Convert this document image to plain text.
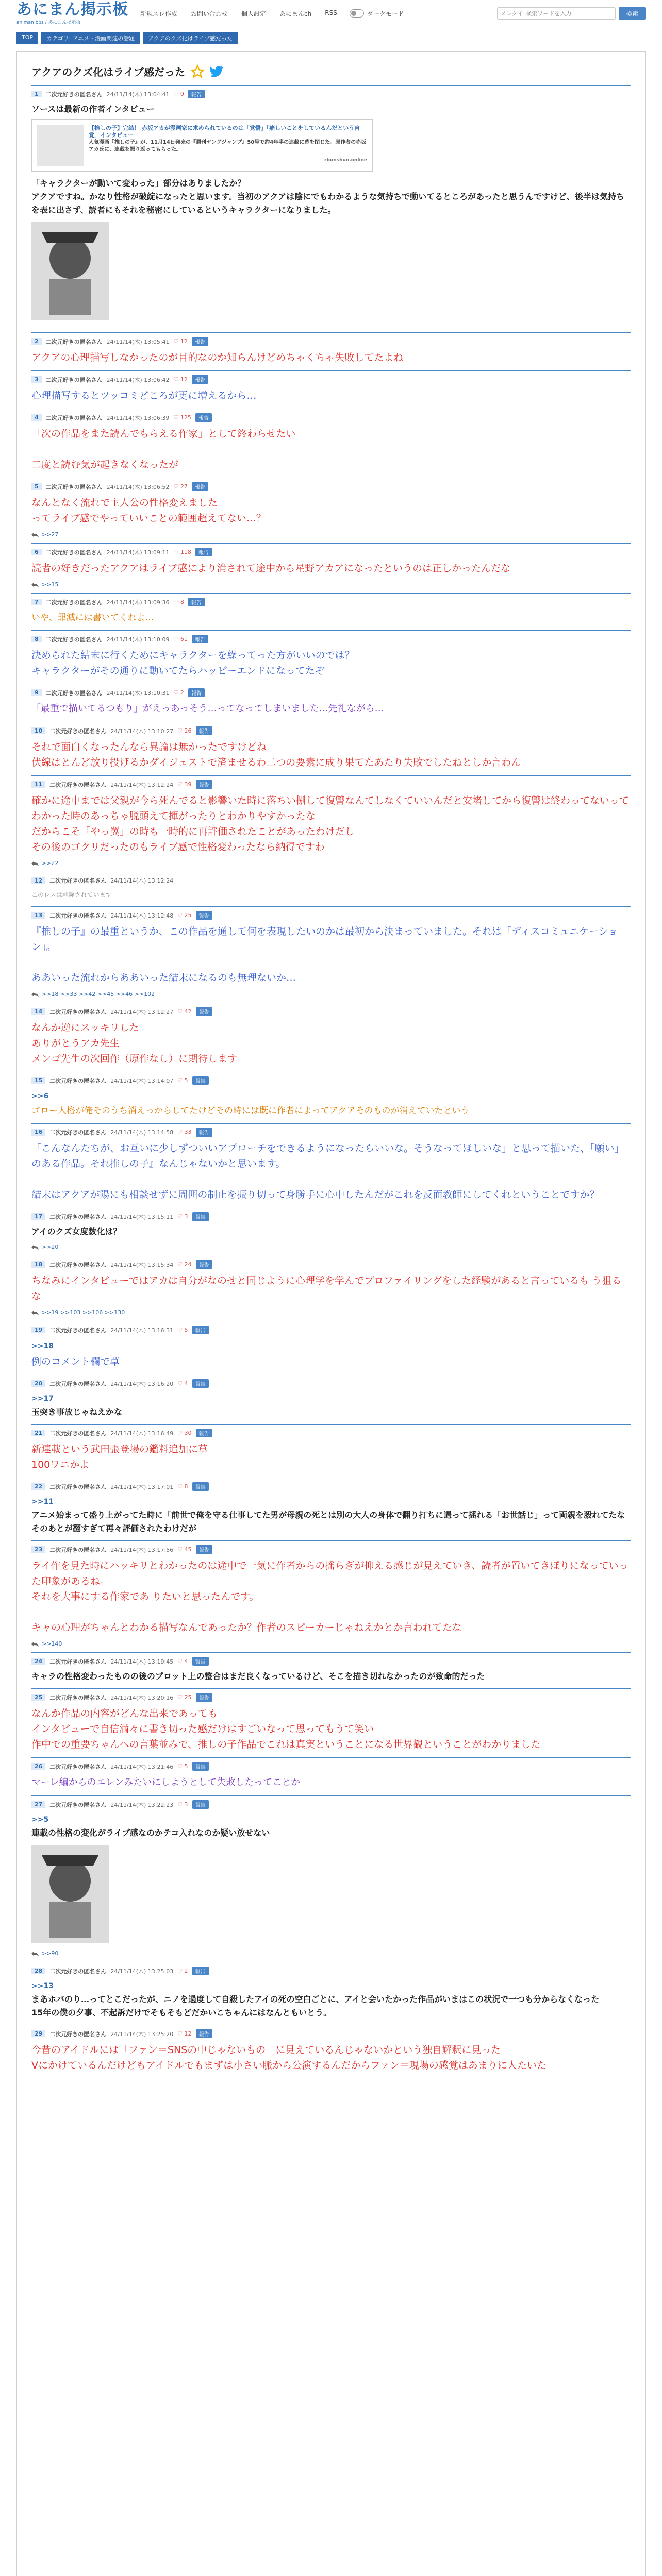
あにまん掲示板
animan bbs / あにまん掲示板
新規スレ作成 お問い合わせ 個人設定 あにまんch RSS	ダークモード	スレタイ 検索ワードを入力	検索
TOP	カテゴリ: アニメ・漫画関連の話題	アクアのクズ化はライブ感だった
アクアのクズ化はライブ感だった
1	二次元好きの匿名さん 24/11/14(木) 13:04:41 ♡ 0	報告
ソースは最新の作者インタビュー
【推しの子】完結！ 赤坂アカが漫画家に求められているのは「覚悟」「痛しいことをしているんだという自覚」インタビュー
人気漫画『推しの子』が、11月14日発売の『週刊ヤングジャンプ』50号で約4年半の連載に幕を閉じた。原作者の赤坂アカ氏に、連載を振り返ってもらった。
rbunshun.online
「キャラクターが動いて変わった」部分はありましたか？
アクアですね。かなり性格が破綻になったと思います。当初のアクアは陰にでもわかるような気持ちで動いてるところがあったと思うんですけど、後半は気持ちを表に出さず、読者にもそれを秘密にしているというキャラクターになりました。
2	二次元好きの匿名さん 24/11/14(木) 13:05:41 ♡ 12	報告
アクアの心理描写しなかったのが目的なのか知らんけどめちゃくちゃ失敗してたよね
3	二次元好きの匿名さん 24/11/14(木) 13:06:42 ♡ 12	報告
心理描写するとツッコミどころが更に増えるから…
4	二次元好きの匿名さん 24/11/14(木) 13:06:39 ♡ 125	報告
「次の作品をまた読んでもらえる作家」として終わらせたい

二度と読む気が起きなくなったが
5	二次元好きの匿名さん 24/11/14(木) 13:06:52 ♡ 27	報告
なんとなく流れで主人公の性格変えました
ってライブ感でやっていいことの範囲超えてない…？
>>27
6	二次元好きの匿名さん 24/11/14(木) 13:09:11 ♡ 118	報告
読者の好きだったアクアはライブ感により消されて途中から星野アカアになったというのは正しかったんだな
>>15
7	二次元好きの匿名さん 24/11/14(木) 13:09:36 ♡ 8	報告
いや、罪滅には書いてくれよ…
8	二次元好きの匿名さん 24/11/14(木) 13:10:09 ♡ 61	報告
決められた結末に行くためにキャラクターを繰ってった方がいいのでは？
キャラクターがその通りに動いてたらハッピーエンドになってたぞ
9	二次元好きの匿名さん 24/11/14(木) 13:10:31 ♡ 2	報告
「最重で描いてるつもり」がえっあっそう…ってなってしまいました…先礼ながら…
10	二次元好きの匿名さん 24/11/14(木) 13:10:27 ♡ 26	報告
それで面白くなったんなら異論は無かったですけどね
伏線はとんど放り投げるかダイジェストで済ませるわ二つの要素に成り果てたあたり失敗でしたねとしか言わん
11	二次元好きの匿名さん 24/11/14(木) 13:12:24 ♡ 39	報告
確かに途中までは父親が今ら死んでると影響いた時に落ちい捌して復讐なんてしなくていいんだと安堵してから復讐は終わってないってわかった時のあっちゃ脱頭えて揮がったりとわかりやすかったな
だからこそ「やっ翼」の時も一時的に再評価されたことがあったわけだし
その後のゴクリだったのもライブ感で性格変わったなら納得ですわ
>>22
12	二次元好きの匿名さん 24/11/14(木) 13:12:24
このレスは削除されています
13	二次元好きの匿名さん 24/11/14(木) 13:12:48 ♡ 25	報告
『推しの子』の最重というか、この作品を通して何を表現したいのかは最初から決まっていました。それは「ディスコミュニケーション」。

ああいった流れからああいった結末になるのも無理ないか…
>>18 >>33 >>42 >>45 >>46 >>102
14	二次元好きの匿名さん 24/11/14(木) 13:12:27 ♡ 42	報告
なんか逆にスッキリした
ありがとうアカ先生
メンゴ先生の次回作（原作なし）に期待します
15	二次元好きの匿名さん 24/11/14(木) 13:14:07 ♡ 5	報告
>>6
ゴロー人格が俺そのうち消えっからしてたけどその時には既に作者によってアクアそのものが消えていたという
16	二次元好きの匿名さん 24/11/14(木) 13:14:58 ♡ 33	報告
「こんなんたちが、お互いに少しずついいアプローチをできるようになったらいいな。そうなってほしいな」と思って描いた、「願い」のある作品。それ推しの子』なんじゃないかと思います。

結末はアクアが陽にも相談せずに周囲の制止を振り切って身勝手に心中したんだがこれを反面教師にしてくれということですか？
17	二次元好きの匿名さん 24/11/14(木) 13:15:11 ♡ 3	報告
アイのクズ女度数化は？
>>20
18	二次元好きの匿名さん 24/11/14(木) 13:15:34 ♡ 24	報告
ちなみにインタビューではアカは自分がなのせと同じように心理学を学んでプロファイリングをした経験があると言っているも う狙るな
>>19 >>103 >>106 >>130
19	二次元好きの匿名さん 24/11/14(木) 13:16:31 ♡ 5	報告
>>18
例のコメント欄で草
20	二次元好きの匿名さん 24/11/14(木) 13:16:20 ♡ 4	報告
>>17
玉突き事故じゃねえかな
21	二次元好きの匿名さん 24/11/14(木) 13:16:49 ♡ 30	報告
新連載という武田張登場の鑑料追加に草
100ワニかよ
22	二次元好きの匿名さん 24/11/14(木) 13:17:01 ♡ 8	報告
>>11
アニメ始まって盛り上がってた時に「前世で俺を守る仕事してた男が母親の死とは別の大人の身体で翻り打ちに遇って揺れる「お世話じ」って両親を殺れてたな
そのあとが翻すぎて再々評価されたわけだが
23	二次元好きの匿名さん 24/11/14(木) 13:17:56 ♡ 45	報告
ライ作を見た時にハッキリとわかったのは途中で一気に作者からの揺らぎが抑える感じが見えていき、読者が置いてきぼりになっていった印象があるね。
それを大事にする作家であ りたいと思ったんです。

キャの心理がちゃんとわかる描写なんであったか？作者のスピーカーじゃねえかとか言われてたな
>>140
24	二次元好きの匿名さん 24/11/14(木) 13:19:45 ♡ 4	報告
キャラの性格変わったものの後のプロット上の整合はまだ良くなっているけど、そこを描き切れなかったのが致命的だった
25	二次元好きの匿名さん 24/11/14(木) 13:20:16 ♡ 25	報告
なんか作品の内容がどんな出来であっても
インタビューで自信満々に書き切った感だけはすごいなって思ってもうて笑い
作中での重要ちゃんへの言葉並みで、推しの子作品でこれは真実ということになる世界観ということがわかりました
26	二次元好きの匿名さん 24/11/14(木) 13:21:46 ♡ 5	報告
マーレ編からのエレンみたいにしようとして失敗したってことか
27	二次元好きの匿名さん 24/11/14(木) 13:22:23 ♡ 3	報告
>>5
連載の性格の変化がライブ感なのかテコ入れなのか疑い放せない
>>90
28	二次元好きの匿名さん 24/11/14(木) 13:25:03 ♡ 2	報告
>>13
まあホバのり…ってとこだったが、ニノを過度して自殺したアイの死の空白ごとに、アイと会いたかった作品がいまはこの状況で一つも分からなくなった
15年の僕の夕事、不起訴だけでそもそもどだかいこちゃんにはなんともいとう。
29	二次元好きの匿名さん 24/11/14(木) 13:25:20 ♡ 12	報告
今昔のアイドルには「ファン＝SNSの中じゃないもの」に見えているんじゃないかという独自解釈に見った
Vにかけているんだけどもアイドルでもまずは小さい脈から公演するんだからファン＝現場の感覚はあまりに人たいた
